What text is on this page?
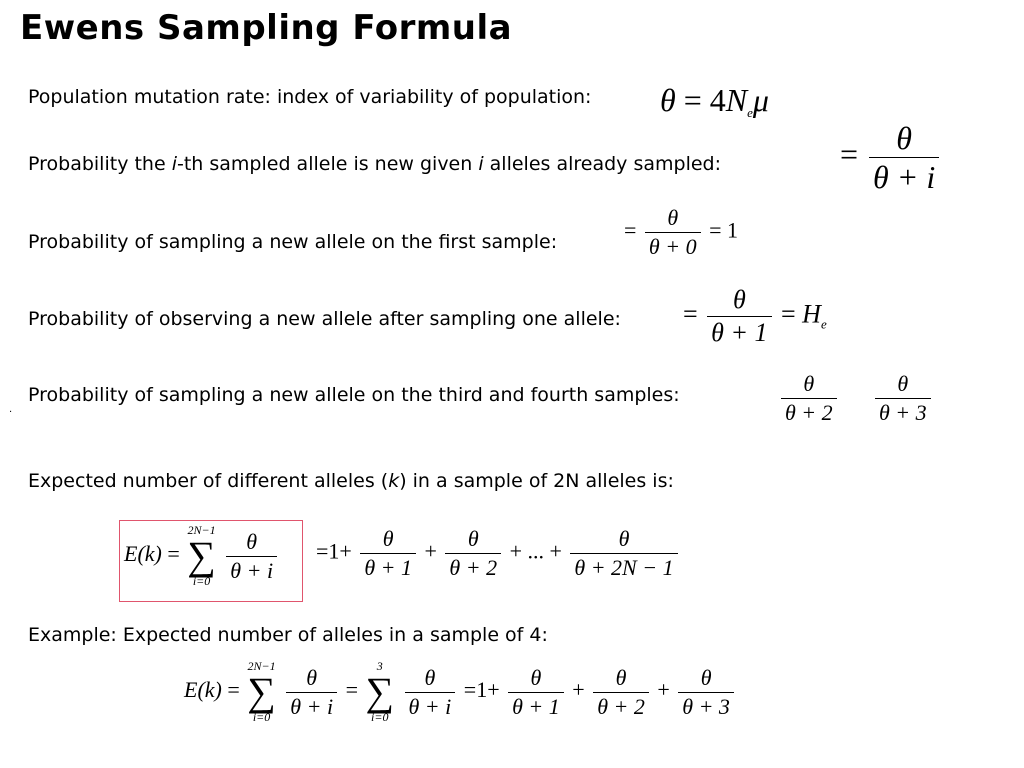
Ewens Sampling Formula
Population mutation rate: index of variability of population: $\theta = 4N_e\mu$
Probability the i-th sampled allele is new given i alleles already sampled:	= $\frac{\theta}{\theta + i}$
Probability of sampling a new allele on the first sample:	= $\frac{\theta}{\theta + 0} = 1$
Probability of observing a new allele after sampling one allele: = $\frac{\theta}{\theta + 1} = H_e$
Probability of sampling a new allele on the third and fourth samples:	$\frac{\theta}{\theta + 2} \frac{\theta}{\theta + 3}$
·
Expected number of different alleles (k) in a sample of 2N alleles is:
E(k) =
2N−1
∑
i=0
$\frac{\theta}{\theta + i} =1+ \frac{\theta}{\theta + 1} + \frac{\theta}{\theta + 2}$ + ... + $\frac{\theta}{\theta + 2N - 1}$
Example: Expected number of alleles in a sample of 4:
E(k) =
2N−1
∑
i=0
$\frac{\theta}{\theta + i}$ =
3
∑
i=0
$\frac{\theta}{\theta + i} =1+ \frac{\theta}{\theta + 1} + \frac{\theta}{\theta + 2} + \frac{\theta}{\theta + 3}$
